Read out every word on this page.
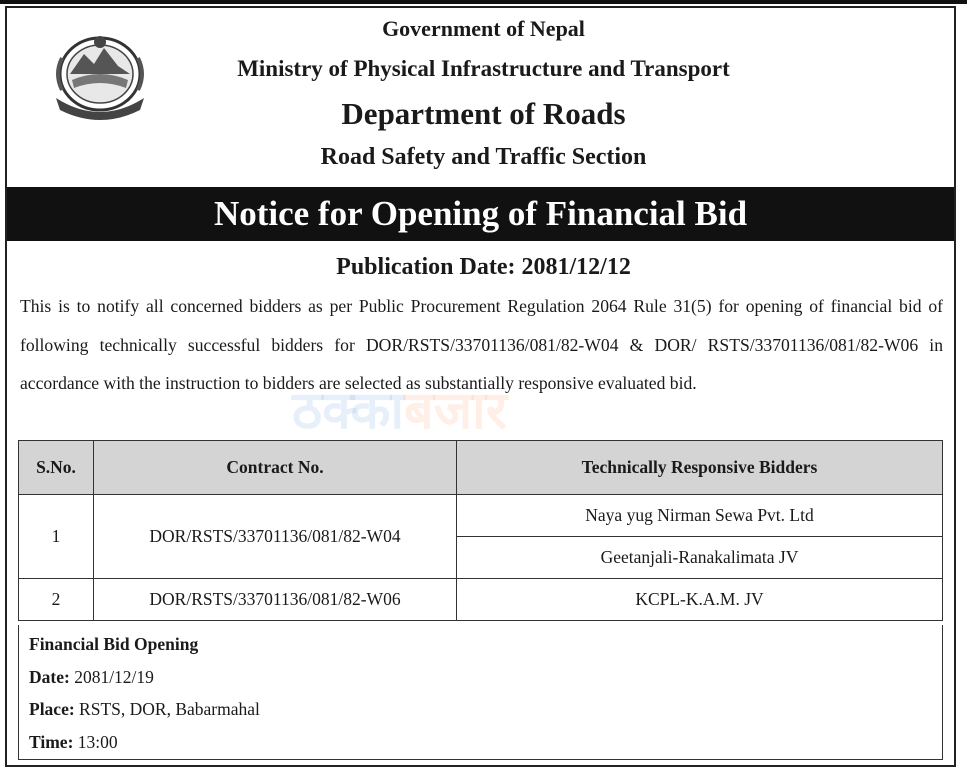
Government of Nepal
Ministry of Physical Infrastructure and Transport
Department of Roads
Road Safety and Traffic Section
Notice for Opening of Financial Bid
Publication Date: 2081/12/12
This is to notify all concerned bidders as per Public Procurement Regulation 2064 Rule 31(5) for opening of financial bid of following technically successful bidders for DOR/RSTS/33701136/081/82-W04 & DOR/ RSTS/33701136/081/82-W06 in accordance with the instruction to bidders are selected as substantially responsive evaluated bid.
ठक्काबजार
S.No.	Contract No.	Technically Responsive Bidders
1	DOR/RSTS/33701136/081/82-W04	Naya yug Nirman Sewa Pvt. Ltd
		Geetanjali-Ranakalimata JV
2	DOR/RSTS/33701136/081/82-W06	KCPL-K.A.M. JV
Financial Bid Opening
Date: 2081/12/19
Place: RSTS, DOR, Babarmahal
Time: 13:00
